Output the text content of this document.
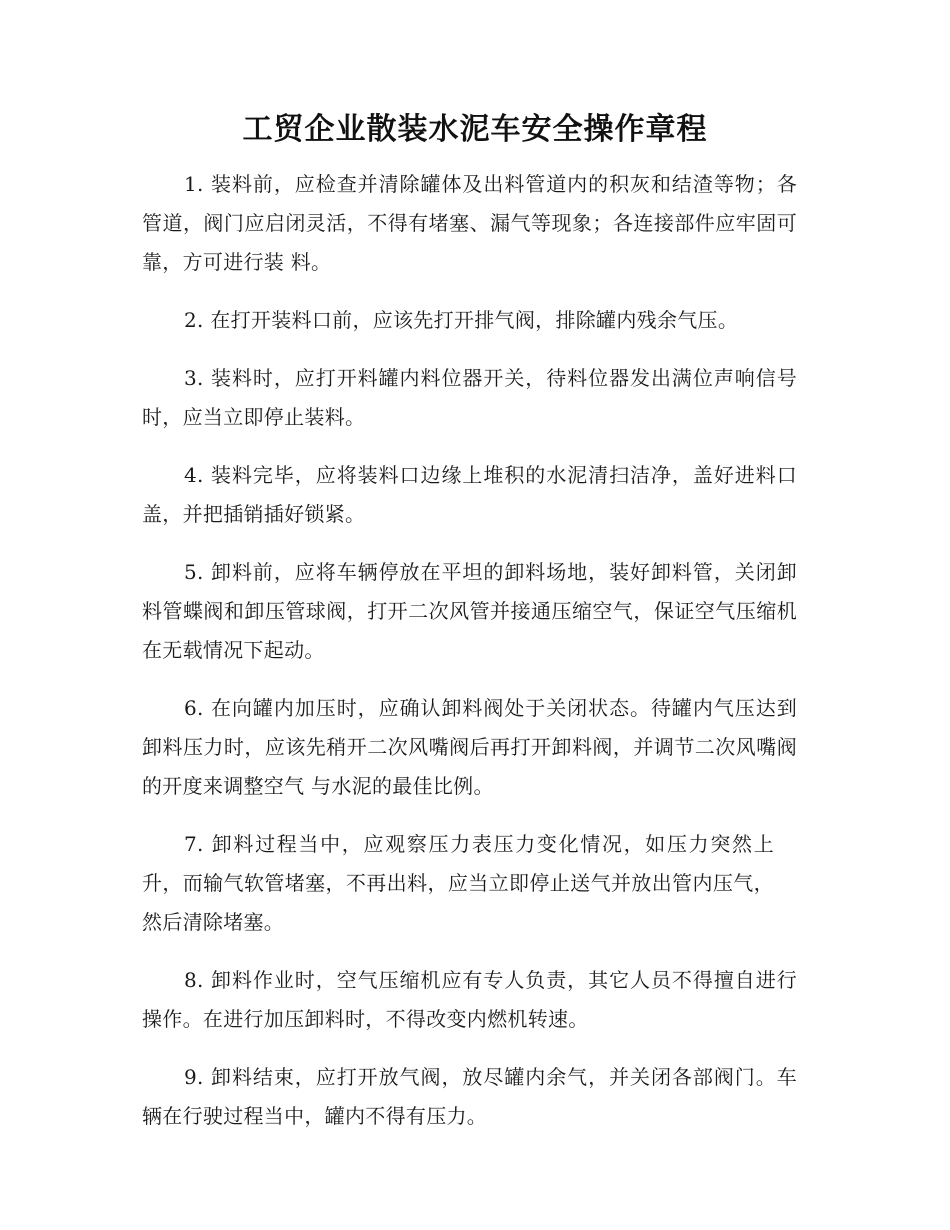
工贸企业散装水泥车安全操作章程

1. 装料前，应检查并清除罐体及出料管道内的积灰和结渣等物；各管道，阀门应启闭灵活，不得有堵塞、漏气等现象；各连接部件应牢固可靠，方可进行装 料。

2. 在打开装料口前，应该先打开排气阀，排除罐内残余气压。

3. 装料时，应打开料罐内料位器开关，待料位器发出满位声响信号时，应当立即停止装料。

4. 装料完毕，应将装料口边缘上堆积的水泥清扫洁净，盖好进料口盖，并把插销插好锁紧。

5. 卸料前，应将车辆停放在平坦的卸料场地，装好卸料管，关闭卸料管蝶阀和卸压管球阀，打开二次风管并接通压缩空气，保证空气压缩机在无载情况下起动。

6. 在向罐内加压时，应确认卸料阀处于关闭状态。待罐内气压达到卸料压力时，应该先稍开二次风嘴阀后再打开卸料阀，并调节二次风嘴阀的开度来调整空气 与水泥的最佳比例。

7. 卸料过程当中，应观察压力表压力变化情况，如压力突然上升，而输气软管堵塞，不再出料，应当立即停止送气并放出管内压气，然后清除堵塞。

8. 卸料作业时，空气压缩机应有专人负责，其它人员不得擅自进行操作。在进行加压卸料时，不得改变内燃机转速。

9. 卸料结束，应打开放气阀，放尽罐内余气，并关闭各部阀门。车辆在行驶过程当中，罐内不得有压力。
